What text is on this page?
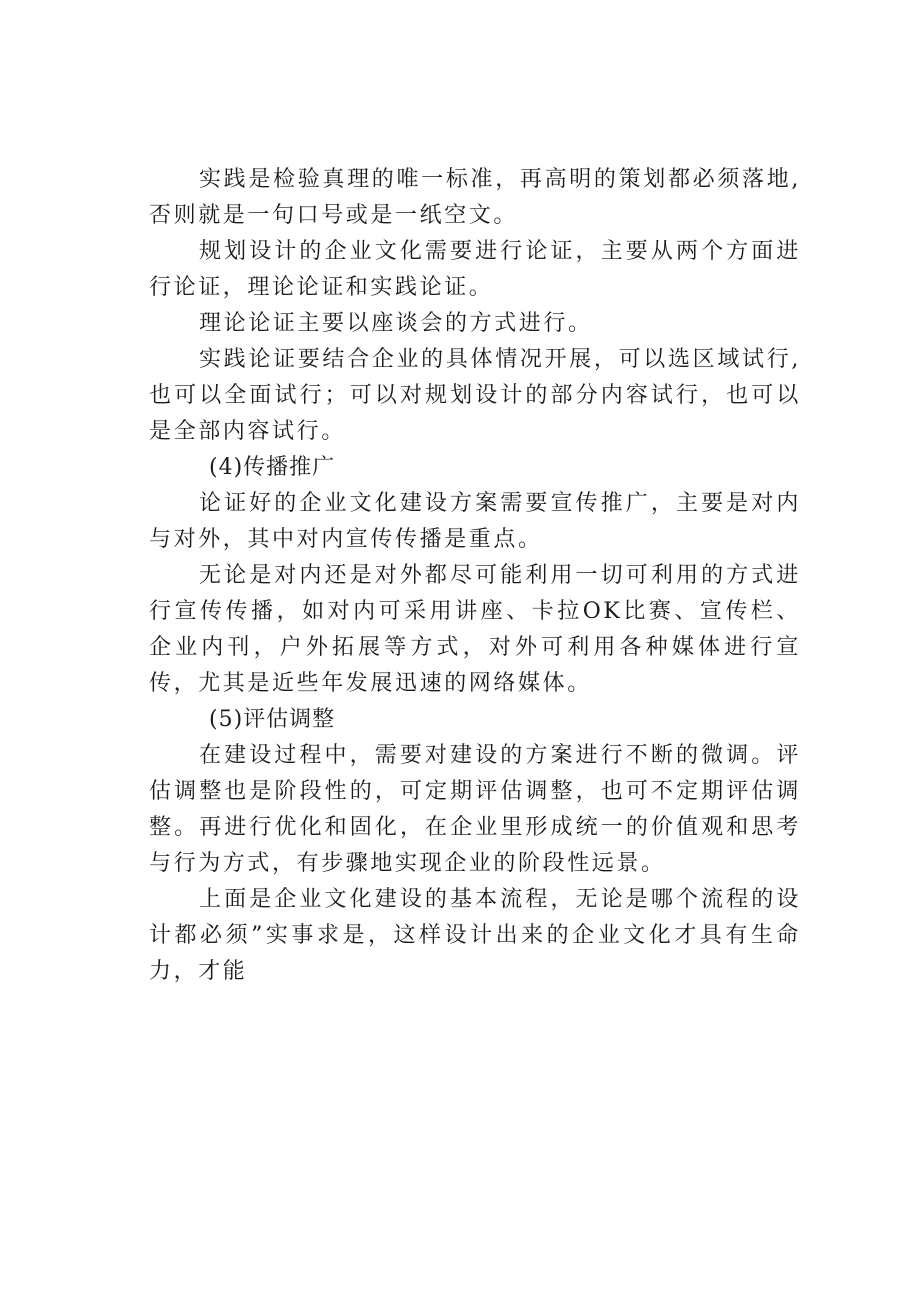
实践是检验真理的唯一标准，再高明的策划都必须落地,否则就是一句口号或是一纸空文。

规划设计的企业文化需要进行论证，主要从两个方面进行论证，理论论证和实践论证。

理论论证主要以座谈会的方式进行。

实践论证要结合企业的具体情况开展，可以选区域试行,也可以全面试行；可以对规划设计的部分内容试行，也可以是全部内容试行。

(4)传播推广

论证好的企业文化建设方案需要宣传推广，主要是对内与对外，其中对内宣传传播是重点。

无论是对内还是对外都尽可能利用一切可利用的方式进行宣传传播，如对内可采用讲座、卡拉OK比赛、宣传栏、企业内刊，户外拓展等方式，对外可利用各种媒体进行宣传，尤其是近些年发展迅速的网络媒体。

(5)评估调整

在建设过程中，需要对建设的方案进行不断的微调。评估调整也是阶段性的，可定期评估调整，也可不定期评估调整。再进行优化和固化，在企业里形成统一的价值观和思考与行为方式，有步骤地实现企业的阶段性远景。

上面是企业文化建设的基本流程，无论是哪个流程的设计都必须”实事求是，这样设计出来的企业文化才具有生命力，才能
